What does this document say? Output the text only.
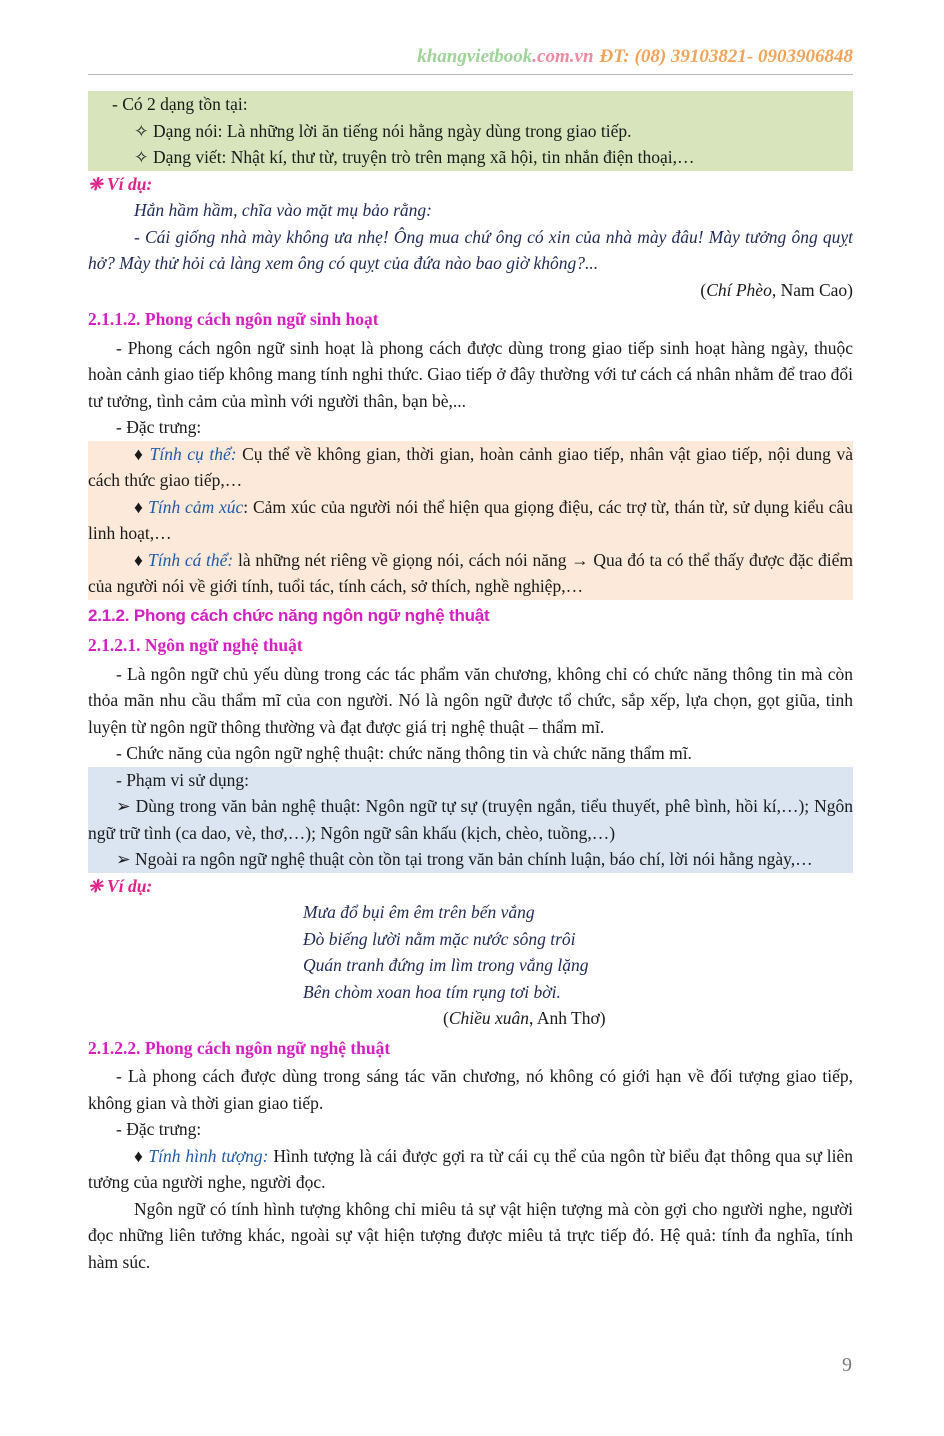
khangvietbook.com.vn ĐT: (08) 39103821- 0903906848

- Có 2 dạng tồn tại:

✧ Dạng nói: Là những lời ăn tiếng nói hằng ngày dùng trong giao tiếp.

✧ Dạng viết: Nhật kí, thư từ, truyện trò trên mạng xã hội, tin nhắn điện thoại,…

❈ Ví dụ:

Hắn hầm hầm, chĩa vào mặt mụ bảo rằng:

- Cái giống nhà mày không ưa nhẹ! Ông mua chứ ông có xin của nhà mày đâu! Mày tưởng ông quỵt hở? Mày thử hỏi cả làng xem ông có quỵt của đứa nào bao giờ không?...

(Chí Phèo, Nam Cao)

2.1.1.2. Phong cách ngôn ngữ sinh hoạt

- Phong cách ngôn ngữ sinh hoạt là phong cách được dùng trong giao tiếp sinh hoạt hàng ngày, thuộc hoàn cảnh giao tiếp không mang tính nghi thức. Giao tiếp ở đây thường với tư cách cá nhân nhằm để trao đổi tư tưởng, tình cảm của mình với người thân, bạn bè,...

- Đặc trưng:

♦ Tính cụ thể: Cụ thể về không gian, thời gian, hoàn cảnh giao tiếp, nhân vật giao tiếp, nội dung và cách thức giao tiếp,…

♦ Tính cảm xúc: Cảm xúc của người nói thể hiện qua giọng điệu, các trợ từ, thán từ, sử dụng kiểu câu linh hoạt,…

♦ Tính cá thể: là những nét riêng về giọng nói, cách nói năng → Qua đó ta có thể thấy được đặc điểm của người nói về giới tính, tuổi tác, tính cách, sở thích, nghề nghiệp,…

2.1.2. Phong cách chức năng ngôn ngữ nghệ thuật

2.1.2.1. Ngôn ngữ nghệ thuật

- Là ngôn ngữ chủ yếu dùng trong các tác phẩm văn chương, không chỉ có chức năng thông tin mà còn thỏa mãn nhu cầu thẩm mĩ của con người. Nó là ngôn ngữ được tổ chức, sắp xếp, lựa chọn, gọt giũa, tinh luyện từ ngôn ngữ thông thường và đạt được giá trị nghệ thuật – thẩm mĩ.

- Chức năng của ngôn ngữ nghệ thuật: chức năng thông tin và chức năng thẩm mĩ.

- Phạm vi sử dụng:

➢ Dùng trong văn bản nghệ thuật: Ngôn ngữ tự sự (truyện ngắn, tiểu thuyết, phê bình, hồi kí,…); Ngôn ngữ trữ tình (ca dao, vè, thơ,…); Ngôn ngữ sân khấu (kịch, chèo, tuồng,…)

➢ Ngoài ra ngôn ngữ nghệ thuật còn tồn tại trong văn bản chính luận, báo chí, lời nói hằng ngày,…

❈ Ví dụ:

Mưa đổ bụi êm êm trên bến vắng

Đò biếng lười nằm mặc nước sông trôi

Quán tranh đứng im lìm trong vắng lặng

Bên chòm xoan hoa tím rụng tơi bời.

(Chiều xuân, Anh Thơ)

2.1.2.2. Phong cách ngôn ngữ nghệ thuật

- Là phong cách được dùng trong sáng tác văn chương, nó không có giới hạn về đối tượng giao tiếp, không gian và thời gian giao tiếp.

- Đặc trưng:

♦ Tính hình tượng: Hình tượng là cái được gợi ra từ cái cụ thể của ngôn từ biểu đạt thông qua sự liên tưởng của người nghe, người đọc.

Ngôn ngữ có tính hình tượng không chỉ miêu tả sự vật hiện tượng mà còn gợi cho người nghe, người đọc những liên tưởng khác, ngoài sự vật hiện tượng được miêu tả trực tiếp đó. Hệ quả: tính đa nghĩa, tính hàm súc.

9
